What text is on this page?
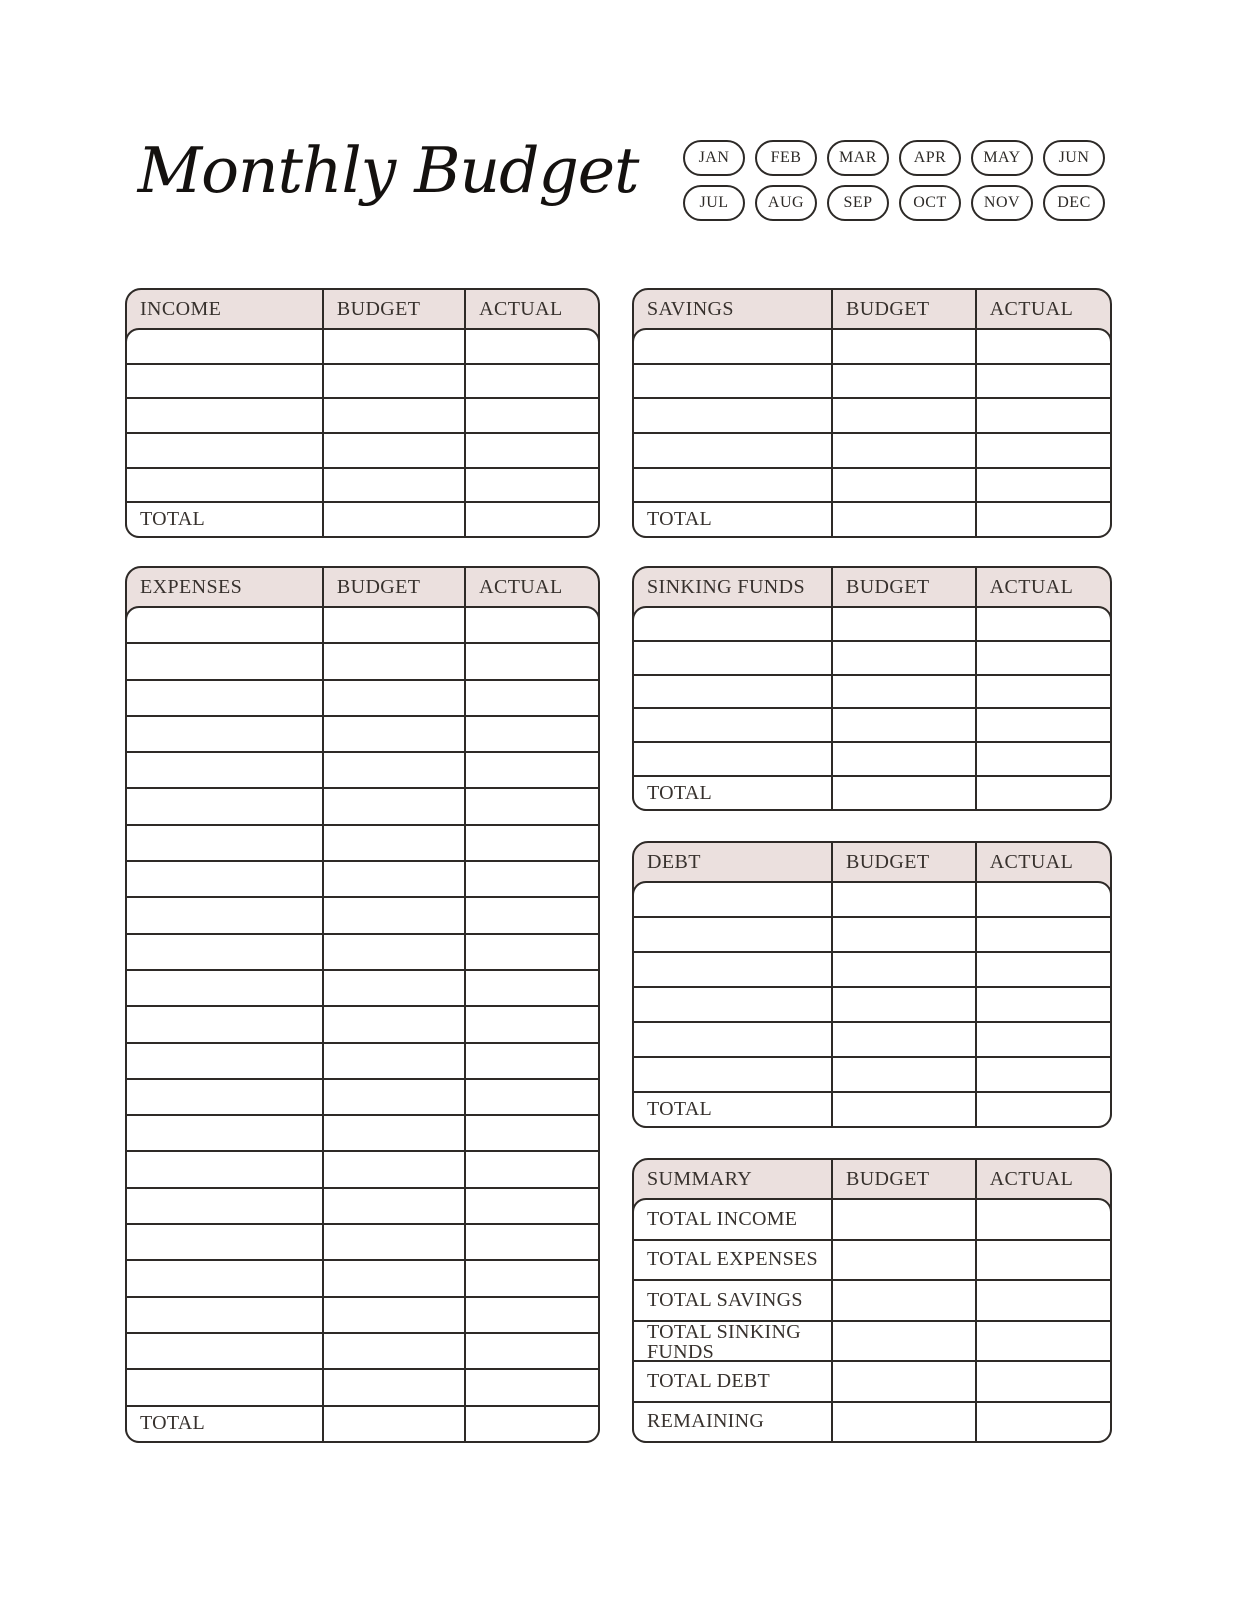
Monthly Budget	JAN	FEB MAR APR MAY JUN
JUL AUG SEP	OCT NOV DEC
INCOME	BUDGET	ACTUAL
TOTAL
EXPENSES	BUDGET	ACTUAL
TOTAL
SAVINGS	BUDGET	ACTUAL
TOTAL
SINKING FUNDS	BUDGET	ACTUAL
TOTAL
DEBT	BUDGET	ACTUAL
TOTAL
SUMMARY	BUDGET	ACTUAL
TOTAL INCOME
TOTAL EXPENSES
TOTAL SAVINGS
TOTAL SINKING FUNDS
TOTAL DEBT
REMAINING
